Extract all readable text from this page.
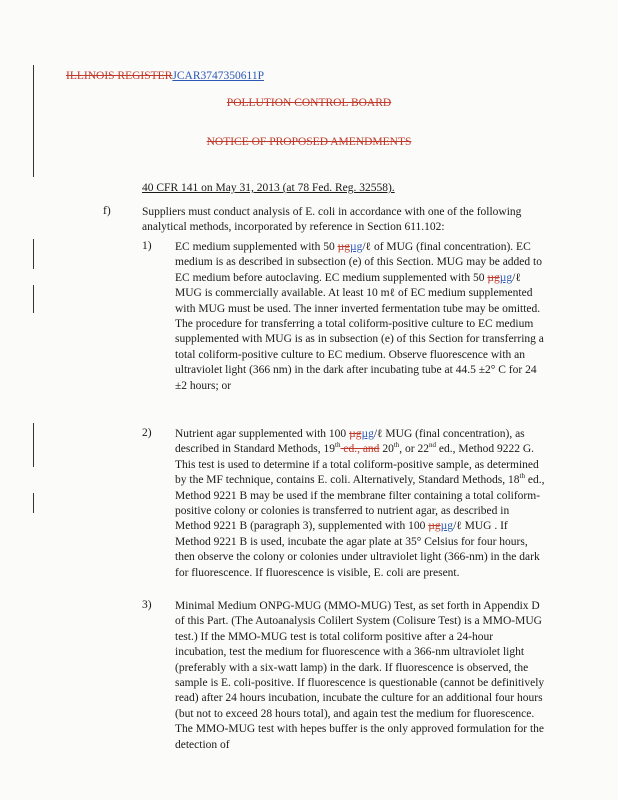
ILLINOIS REGISTERJCAR3747350611P
POLLUTION CONTROL BOARD
NOTICE OF PROPOSED AMENDMENTS
40 CFR 141 on May 31, 2013 (at 78 Fed. Reg. 32558).
f)	Suppliers must conduct analysis of E. coli in accordance with one of the following analytical methods, incorporated by reference in Section 611.102:
1) EC medium supplemented with 50 µgµg/ℓ of MUG (final concentration). EC medium is as described in subsection (e) of this Section. MUG may be added to EC medium before autoclaving. EC medium supplemented with 50 µgµg/ℓ MUG is commercially available. At least 10 mℓ of EC medium supplemented with MUG must be used. The inner inverted fermentation tube may be omitted. The procedure for transferring a total coliform-positive culture to EC medium supplemented with MUG is as in subsection (e) of this Section for transferring a total coliform-positive culture to EC medium. Observe fluorescence with an ultraviolet light (366 nm) in the dark after incubating tube at 44.5 ±2° C for 24 ±2 hours; or
2) Nutrient agar supplemented with 100 µgµg/ℓ MUG (final concentration), as described in Standard Methods, 19th ed., and 20th, or 22nd ed., Method 9222 G. This test is used to determine if a total coliform-positive sample, as determined by the MF technique, contains E. coli. Alternatively, Standard Methods, 18th ed., Method 9221 B may be used if the membrane filter containing a total coliform-positive colony or colonies is transferred to nutrient agar, as described in Method 9221 B (paragraph 3), supplemented with 100 µgµg/ℓ MUG . If Method 9221 B is used, incubate the agar plate at 35° Celsius for four hours, then observe the colony or colonies under ultraviolet light (366-nm) in the dark for fluorescence. If fluorescence is visible, E. coli are present.
3) Minimal Medium ONPG-MUG (MMO-MUG) Test, as set forth in Appendix D of this Part. (The Autoanalysis Colilert System (Colisure Test) is a MMO-MUG test.) If the MMO-MUG test is total coliform positive after a 24-hour incubation, test the medium for fluorescence with a 366-nm ultraviolet light (preferably with a six-watt lamp) in the dark. If fluorescence is observed, the sample is E. coli-positive. If fluorescence is questionable (cannot be definitively read) after 24 hours incubation, incubate the culture for an additional four hours (but not to exceed 28 hours total), and again test the medium for fluorescence. The MMO-MUG test with hepes buffer is the only approved formulation for the detection of
